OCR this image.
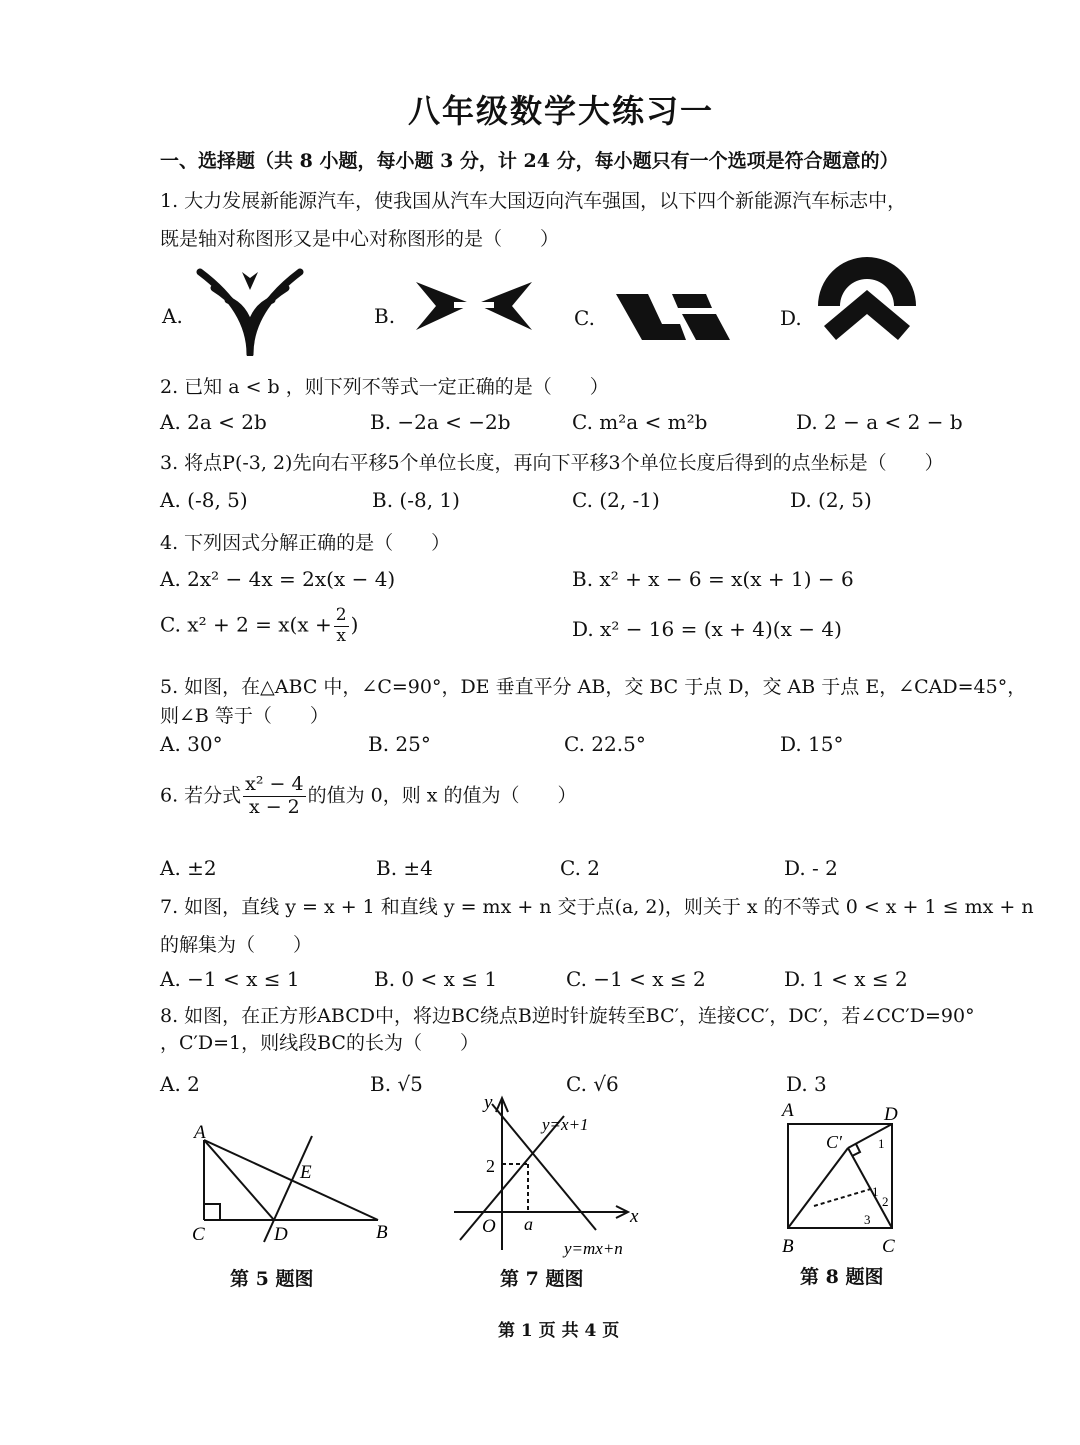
八年级数学大练习一
一、选择题（共 8 小题，每小题 3 分，计 24 分，每小题只有一个选项是符合题意的）
1. 大力发展新能源汽车，使我国从汽车大国迈向汽车强国，以下四个新能源汽车标志中，
既是轴对称图形又是中心对称图形的是（　　）
A.	B.	C.	D.
2. 已知 a < b ，则下列不等式一定正确的是（　　）
A. 2a < 2b	B. −2a < −2b	C. m²a < m²b	D. 2 − a < 2 − b
3. 将点P(-3, 2)先向右平移5个单位长度，再向下平移3个单位长度后得到的点坐标是（　　）
A. (-8, 5)	B. (-8, 1)	C. (2, -1)	D. (2, 5)
4. 下列因式分解正确的是（　　）
A. 2x² − 4x = 2x(x − 4)	B. x² + x − 6 = x(x + 1) − 6
C. $x^2 + 2 = x(x + \frac{2}{x}$ )	D. x² − 16 = (x + 4)(x − 4)
5. 如图，在△ABC 中，∠C=90°，DE 垂直平分 AB，交 BC 于点 D，交 AB 于点 E，∠CAD=45°，
则∠B 等于（　　）
A. 30°	B. 25°	C. 22.5°	D. 15°
6. 若分式 $\frac{\text{x² − 4}}{x - 2}$ 的值为 0，则 x 的值为（　　）
A. ±2	B. ±4	C. 2	D. - 2
7. 如图，直线 y = x + 1 和直线 y = mx + n 交于点(a, 2)，则关于 x 的不等式 0 < x + 1 ≤ mx + n
的解集为（　　）
A. −1 < x ≤ 1	B. 0 < x ≤ 1	C. −1 < x ≤ 2	D. 1 < x ≤ 2
8. 如图，在正方形ABCD中，将边BC绕点B逆时针旋转至BC′，连接CC′，DC′，若∠CC′D=90°
，C′D=1，则线段BC的长为（　　）
A. 2	B. √5	C. √6	D. 3
A
C	D	B
E
第 5 题图
y
x
O a
2
y=x+1
y=mx+n
第 7 题图
A	D
B	C
C′	1
1
2
3
第 8 题图
第 1 页 共 4 页
